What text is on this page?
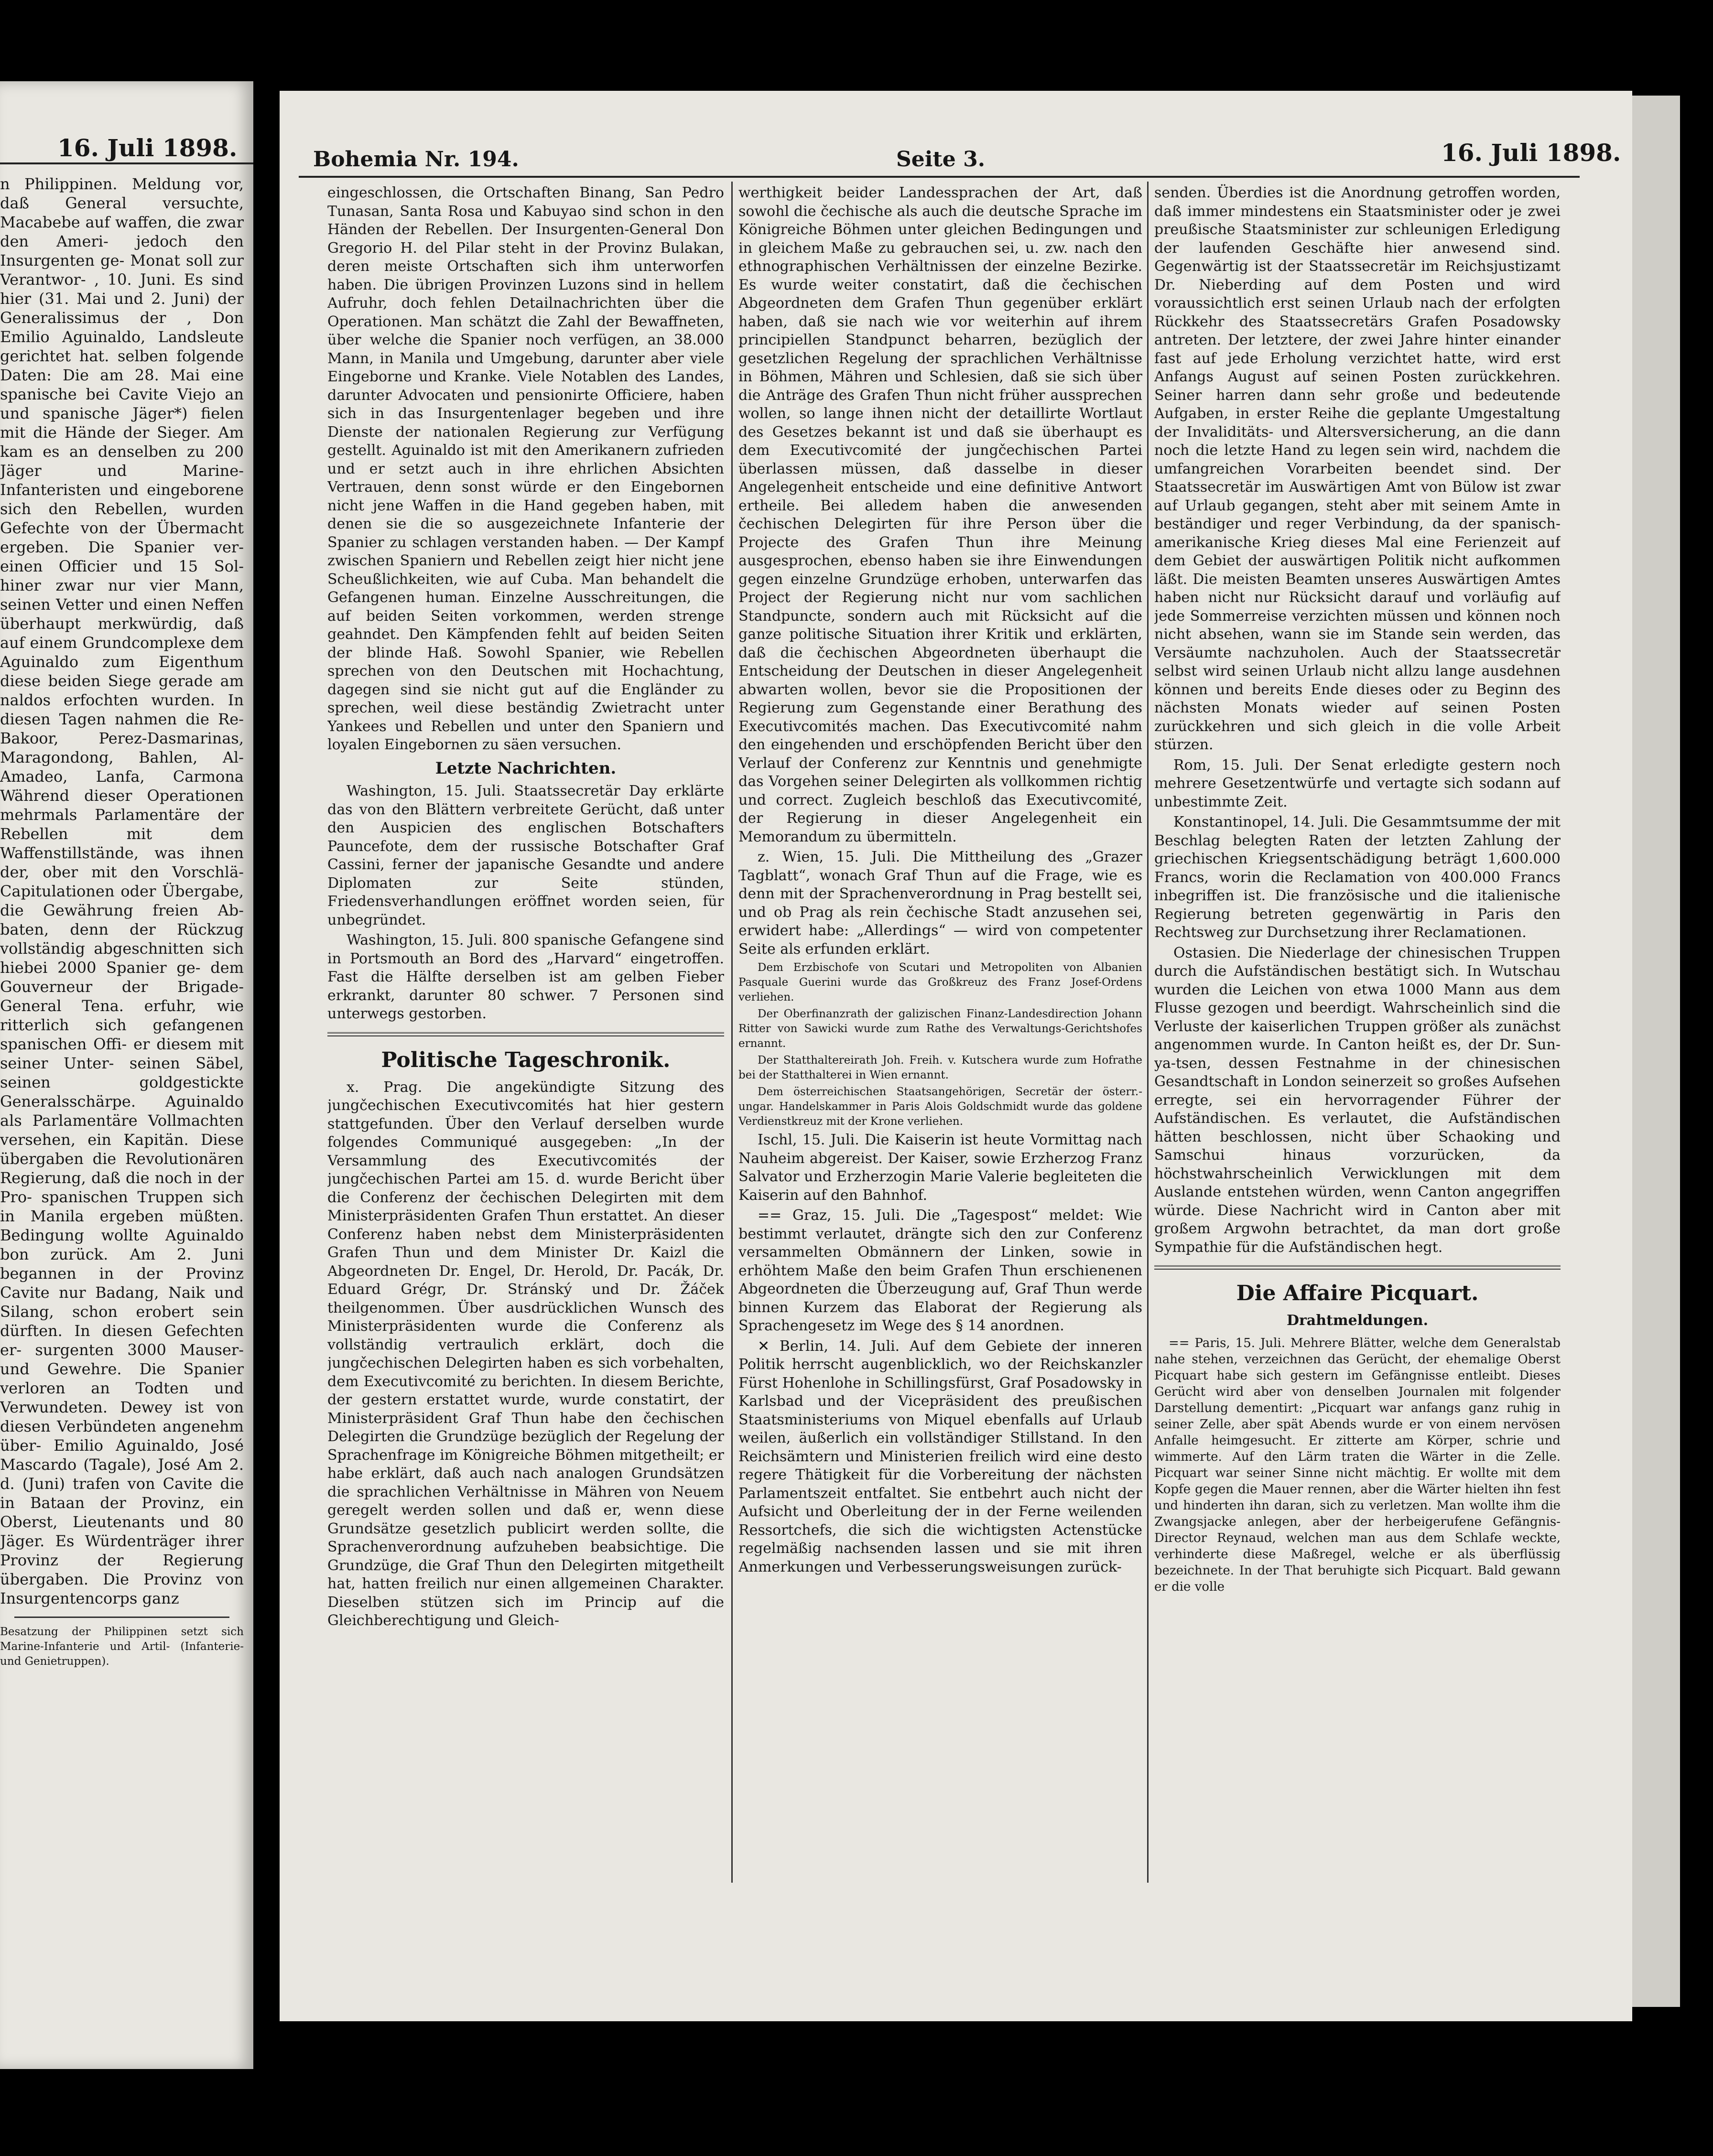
16. Juli 1898.

n Philippinen. Meldung vor, daß General versuchte, Macabebe auf waffen, die zwar den Ameri- jedoch den Insurgenten ge- Monat soll zur Verantwor- , 10. Juni. Es sind hier (31. Mai und 2. Juni) der Generalissimus der , Don Emilio Aguinaldo, Landsleute gerichtet hat. selben folgende Daten: Die am 28. Mai eine spanische bei Cavite Viejo an und spanische Jäger*) fielen mit die Hände der Sieger. Am kam es an denselben zu 200 Jäger und Marine- Infanteristen und eingeborene sich den Rebellen, wurden Gefechte von der Übermacht ergeben. Die Spanier ver- einen Officier und 15 Sol- hiner zwar nur vier Mann, seinen Vetter und einen Neffen überhaupt merkwürdig, daß auf einem Grundcomplexe dem Aguinaldo zum Eigenthum diese beiden Siege gerade am naldos erfochten wurden. In diesen Tagen nahmen die Re- Bakoor, Perez-Dasmarinas, Maragondong, Bahlen, Al- Amadeo, Lanfa, Carmona Während dieser Operationen mehrmals Parlamentäre der Rebellen mit dem Waffenstillstände, was ihnen der, ober mit den Vorschlä- Capitulationen oder Übergabe, die Gewährung freien Ab- baten, denn der Rückzug vollständig abgeschnitten sich hiebei 2000 Spanier ge- dem Gouverneur der Brigade-General Tena. erfuhr, wie ritterlich sich gefangenen spanischen Offi- er diesem mit seiner Unter- seinen Säbel, seinen goldgestickte Generalsschärpe. Aguinaldo als Parlamentäre Vollmachten versehen, ein Kapitän. Diese übergaben die Revolutionären Regierung, daß die noch in der Pro- spanischen Truppen sich in Manila ergeben müßten. Bedingung wollte Aguinaldo bon zurück. Am 2. Juni begannen in der Provinz Cavite nur Badang, Naik und Silang, schon erobert sein dürften. In diesen Gefechten er- surgenten 3000 Mauser- und Gewehre. Die Spanier verloren an Todten und Verwundeten. Dewey ist von diesen Verbündeten angenehm über- Emilio Aguinaldo, José Mascardo (Tagale), José Am 2. d. (Juni) trafen von Cavite die in Bataan der Provinz, ein Oberst, Lieutenants und 80 Jäger. Es Würdenträger ihrer Provinz der Regierung übergaben. Die Provinz von Insurgentencorps ganz

Besatzung der Philippinen setzt sich Marine-Infanterie und Artil- (Infanterie- und Genietruppen).

Bohemia Nr. 194.	Seite 3.	16. Juli 1898.

eingeschlossen, die Ortschaften Binang, San Pedro Tunasan, Santa Rosa und Kabuyao sind schon in den Händen der Rebellen. Der Insurgenten-General Don Gregorio H. del Pilar steht in der Provinz Bulakan, deren meiste Ortschaften sich ihm unterworfen haben. Die übrigen Provinzen Luzons sind in hellem Aufruhr, doch fehlen Detailnachrichten über die Operationen. Man schätzt die Zahl der Bewaffneten, über welche die Spanier noch verfügen, an 38.000 Mann, in Manila und Umgebung, darunter aber viele Eingeborne und Kranke. Viele Notablen des Landes, darunter Advocaten und pensionirte Officiere, haben sich in das Insurgentenlager begeben und ihre Dienste der nationalen Regierung zur Verfügung gestellt. Aguinaldo ist mit den Amerikanern zufrieden und er setzt auch in ihre ehrlichen Absichten Vertrauen, denn sonst würde er den Eingebornen nicht jene Waffen in die Hand gegeben haben, mit denen sie die so ausgezeichnete Infanterie der Spanier zu schlagen verstanden haben. — Der Kampf zwischen Spaniern und Rebellen zeigt hier nicht jene Scheußlichkeiten, wie auf Cuba. Man behandelt die Gefangenen human. Einzelne Ausschreitungen, die auf beiden Seiten vorkommen, werden strenge geahndet. Den Kämpfenden fehlt auf beiden Seiten der blinde Haß. Sowohl Spanier, wie Rebellen sprechen von den Deutschen mit Hochachtung, dagegen sind sie nicht gut auf die Engländer zu sprechen, weil diese beständig Zwietracht unter Yankees und Rebellen und unter den Spaniern und loyalen Eingebornen zu säen versuchen.

Letzte Nachrichten.

Washington, 15. Juli. Staatssecretär Day erklärte das von den Blättern verbreitete Gerücht, daß unter den Auspicien des englischen Botschafters Pauncefote, dem der russische Botschafter Graf Cassini, ferner der japanische Gesandte und andere Diplomaten zur Seite stünden, Friedensverhandlungen eröffnet worden seien, für unbegründet.

Washington, 15. Juli. 800 spanische Gefangene sind in Portsmouth an Bord des „Harvard“ eingetroffen. Fast die Hälfte derselben ist am gelben Fieber erkrankt, darunter 80 schwer. 7 Personen sind unterwegs gestorben.

Politische Tageschronik.

x. Prag. Die angekündigte Sitzung des jungčechischen Executivcomités hat hier gestern stattgefunden. Über den Verlauf derselben wurde folgendes Communiqué ausgegeben: „In der Versammlung des Executivcomités der jungčechischen Partei am 15. d. wurde Bericht über die Conferenz der čechischen Delegirten mit dem Ministerpräsidenten Grafen Thun erstattet. An dieser Conferenz haben nebst dem Ministerpräsidenten Grafen Thun und dem Minister Dr. Kaizl die Abgeordneten Dr. Engel, Dr. Herold, Dr. Pacák, Dr. Eduard Grégr, Dr. Stránský und Dr. Žáček theilgenommen. Über ausdrücklichen Wunsch des Ministerpräsidenten wurde die Conferenz als vollständig vertraulich erklärt, doch die jungčechischen Delegirten haben es sich vorbehalten, dem Executivcomité zu berichten. In diesem Berichte, der gestern erstattet wurde, wurde constatirt, der Ministerpräsident Graf Thun habe den čechischen Delegirten die Grundzüge bezüglich der Regelung der Sprachenfrage im Königreiche Böhmen mitgetheilt; er habe erklärt, daß auch nach analogen Grundsätzen die sprachlichen Verhältnisse in Mähren von Neuem geregelt werden sollen und daß er, wenn diese Grundsätze gesetzlich publicirt werden sollte, die Sprachenverordnung aufzuheben beabsichtige. Die Grundzüge, die Graf Thun den Delegirten mitgetheilt hat, hatten freilich nur einen allgemeinen Charakter. Dieselben stützen sich im Princip auf die Gleichberechtigung und Gleich-

werthigkeit beider Landessprachen der Art, daß sowohl die čechische als auch die deutsche Sprache im Königreiche Böhmen unter gleichen Bedingungen und in gleichem Maße zu gebrauchen sei, u. zw. nach den ethnographischen Verhältnissen der einzelne Bezirke. Es wurde weiter constatirt, daß die čechischen Abgeordneten dem Grafen Thun gegenüber erklärt haben, daß sie nach wie vor weiterhin auf ihrem principiellen Standpunct beharren, bezüglich der gesetzlichen Regelung der sprachlichen Verhältnisse in Böhmen, Mähren und Schlesien, daß sie sich über die Anträge des Grafen Thun nicht früher aussprechen wollen, so lange ihnen nicht der detaillirte Wortlaut des Gesetzes bekannt ist und daß sie überhaupt es dem Executivcomité der jungčechischen Partei überlassen müssen, daß dasselbe in dieser Angelegenheit entscheide und eine definitive Antwort ertheile. Bei alledem haben die anwesenden čechischen Delegirten für ihre Person über die Projecte des Grafen Thun ihre Meinung ausgesprochen, ebenso haben sie ihre Einwendungen gegen einzelne Grundzüge erhoben, unterwarfen das Project der Regierung nicht nur vom sachlichen Standpuncte, sondern auch mit Rücksicht auf die ganze politische Situation ihrer Kritik und erklärten, daß die čechischen Abgeordneten überhaupt die Entscheidung der Deutschen in dieser Angelegenheit abwarten wollen, bevor sie die Propositionen der Regierung zum Gegenstande einer Berathung des Executivcomités machen. Das Executivcomité nahm den eingehenden und erschöpfenden Bericht über den Verlauf der Conferenz zur Kenntnis und genehmigte das Vorgehen seiner Delegirten als vollkommen richtig und correct. Zugleich beschloß das Executivcomité, der Regierung in dieser Angelegenheit ein Memorandum zu übermitteln.

z. Wien, 15. Juli. Die Mittheilung des „Grazer Tagblatt“, wonach Graf Thun auf die Frage, wie es denn mit der Sprachenverordnung in Prag bestellt sei, und ob Prag als rein čechische Stadt anzusehen sei, erwidert habe: „Allerdings“ — wird von competenter Seite als erfunden erklärt.

Dem Erzbischofe von Scutari und Metropoliten von Albanien Pasquale Guerini wurde das Großkreuz des Franz Josef-Ordens verliehen.

Der Oberfinanzrath der galizischen Finanz-Landesdirection Johann Ritter von Sawicki wurde zum Rathe des Verwaltungs-Gerichtshofes ernannt.

Der Statthaltereirath Joh. Freih. v. Kutschera wurde zum Hofrathe bei der Statthalterei in Wien ernannt.

Dem österreichischen Staatsangehörigen, Secretär der österr.-ungar. Handelskammer in Paris Alois Goldschmidt wurde das goldene Verdienstkreuz mit der Krone verliehen.

Ischl, 15. Juli. Die Kaiserin ist heute Vormittag nach Nauheim abgereist. Der Kaiser, sowie Erzherzog Franz Salvator und Erzherzogin Marie Valerie begleiteten die Kaiserin auf den Bahnhof.

== Graz, 15. Juli. Die „Tagespost“ meldet: Wie bestimmt verlautet, drängte sich den zur Conferenz versammelten Obmännern der Linken, sowie in erhöhtem Maße den beim Grafen Thun erschienenen Abgeordneten die Überzeugung auf, Graf Thun werde binnen Kurzem das Elaborat der Regierung als Sprachengesetz im Wege des § 14 anordnen.

✕ Berlin, 14. Juli. Auf dem Gebiete der inneren Politik herrscht augenblicklich, wo der Reichskanzler Fürst Hohenlohe in Schillingsfürst, Graf Posadowsky in Karlsbad und der Vicepräsident des preußischen Staatsministeriums von Miquel ebenfalls auf Urlaub weilen, äußerlich ein vollständiger Stillstand. In den Reichsämtern und Ministerien freilich wird eine desto regere Thätigkeit für die Vorbereitung der nächsten Parlamentszeit entfaltet. Sie entbehrt auch nicht der Aufsicht und Oberleitung der in der Ferne weilenden Ressortchefs, die sich die wichtigsten Actenstücke regelmäßig nachsenden lassen und sie mit ihren Anmerkungen und Verbesserungsweisungen zurück-

senden. Überdies ist die Anordnung getroffen worden, daß immer mindestens ein Staatsminister oder je zwei preußische Staatsminister zur schleunigen Erledigung der laufenden Geschäfte hier anwesend sind. Gegenwärtig ist der Staatssecretär im Reichsjustizamt Dr. Nieberding auf dem Posten und wird voraussichtlich erst seinen Urlaub nach der erfolgten Rückkehr des Staatssecretärs Grafen Posadowsky antreten. Der letztere, der zwei Jahre hinter einander fast auf jede Erholung verzichtet hatte, wird erst Anfangs August auf seinen Posten zurückkehren. Seiner harren dann sehr große und bedeutende Aufgaben, in erster Reihe die geplante Umgestaltung der Invaliditäts- und Altersversicherung, an die dann noch die letzte Hand zu legen sein wird, nachdem die umfangreichen Vorarbeiten beendet sind. Der Staatssecretär im Auswärtigen Amt von Bülow ist zwar auf Urlaub gegangen, steht aber mit seinem Amte in beständiger und reger Verbindung, da der spanisch-amerikanische Krieg dieses Mal eine Ferienzeit auf dem Gebiet der auswärtigen Politik nicht aufkommen läßt. Die meisten Beamten unseres Auswärtigen Amtes haben nicht nur Rücksicht darauf und vorläufig auf jede Sommerreise verzichten müssen und können noch nicht absehen, wann sie im Stande sein werden, das Versäumte nachzuholen. Auch der Staatssecretär selbst wird seinen Urlaub nicht allzu lange ausdehnen können und bereits Ende dieses oder zu Beginn des nächsten Monats wieder auf seinen Posten zurückkehren und sich gleich in die volle Arbeit stürzen.

Rom, 15. Juli. Der Senat erledigte gestern noch mehrere Gesetzentwürfe und vertagte sich sodann auf unbestimmte Zeit.

Konstantinopel, 14. Juli. Die Gesammtsumme der mit Beschlag belegten Raten der letzten Zahlung der griechischen Kriegsentschädigung beträgt 1,600.000 Francs, worin die Reclamation von 400.000 Francs inbegriffen ist. Die französische und die italienische Regierung betreten gegenwärtig in Paris den Rechtsweg zur Durchsetzung ihrer Reclamationen.

Ostasien. Die Niederlage der chinesischen Truppen durch die Aufständischen bestätigt sich. In Wutschau wurden die Leichen von etwa 1000 Mann aus dem Flusse gezogen und beerdigt. Wahrscheinlich sind die Verluste der kaiserlichen Truppen größer als zunächst angenommen wurde. In Canton heißt es, der Dr. Sun-ya-tsen, dessen Festnahme in der chinesischen Gesandtschaft in London seinerzeit so großes Aufsehen erregte, sei ein hervorragender Führer der Aufständischen. Es verlautet, die Aufständischen hätten beschlossen, nicht über Schaoking und Samschui hinaus vorzurücken, da höchstwahrscheinlich Verwicklungen mit dem Auslande entstehen würden, wenn Canton angegriffen würde. Diese Nachricht wird in Canton aber mit großem Argwohn betrachtet, da man dort große Sympathie für die Aufständischen hegt.

Die Affaire Picquart.
Drahtmeldungen.

== Paris, 15. Juli. Mehrere Blätter, welche dem Generalstab nahe stehen, verzeichnen das Gerücht, der ehemalige Oberst Picquart habe sich gestern im Gefängnisse entleibt. Dieses Gerücht wird aber von denselben Journalen mit folgender Darstellung dementirt: „Picquart war anfangs ganz ruhig in seiner Zelle, aber spät Abends wurde er von einem nervösen Anfalle heimgesucht. Er zitterte am Körper, schrie und wimmerte. Auf den Lärm traten die Wärter in die Zelle. Picquart war seiner Sinne nicht mächtig. Er wollte mit dem Kopfe gegen die Mauer rennen, aber die Wärter hielten ihn fest und hinderten ihn daran, sich zu verletzen. Man wollte ihm die Zwangsjacke anlegen, aber der herbeigerufene Gefängnis-Director Reynaud, welchen man aus dem Schlafe weckte, verhinderte diese Maßregel, welche er als überflüssig bezeichnete. In der That beruhigte sich Picquart. Bald gewann er die volle
